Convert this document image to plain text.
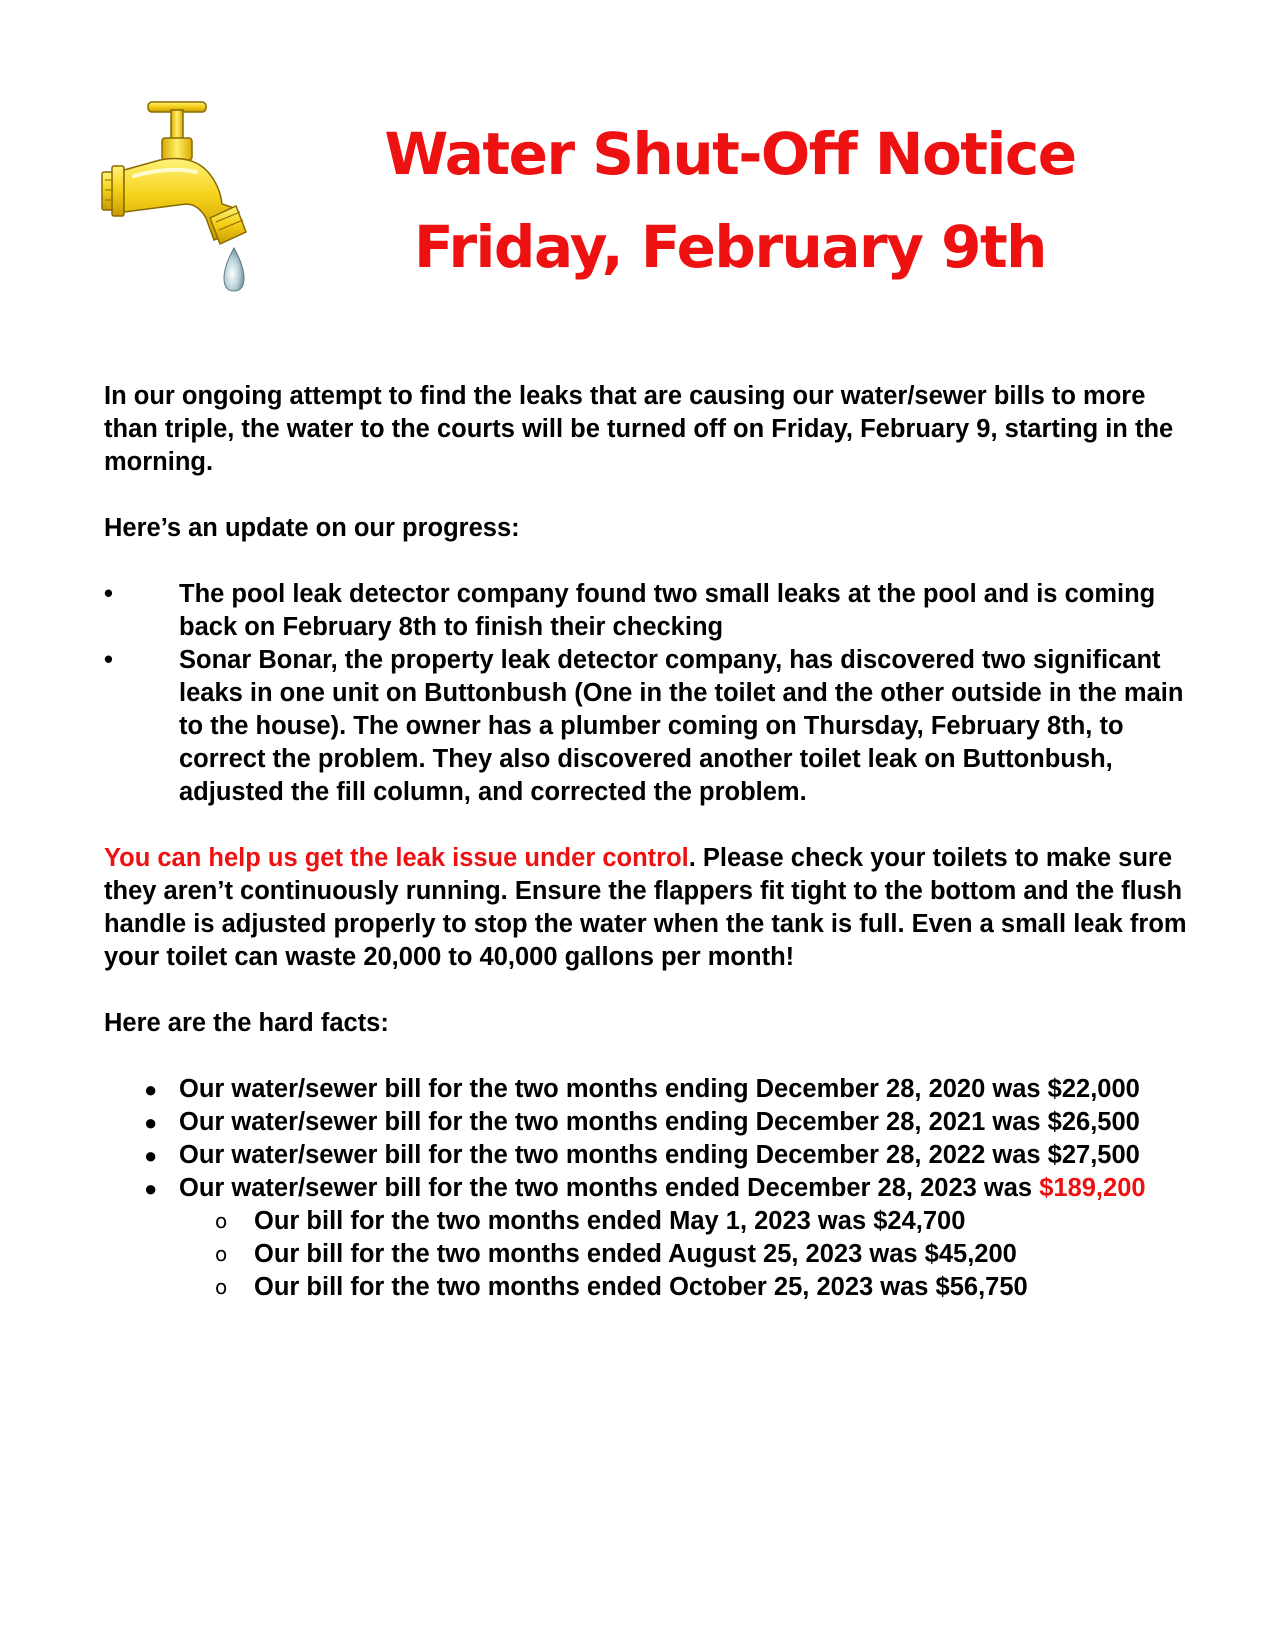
Water Shut-Off Notice
Friday, February 9th

In our ongoing attempt to find the leaks that are causing our water/sewer bills to more than triple, the water to the courts will be turned off on Friday, February 9, starting in the morning.

Here’s an update on our progress:

•	The pool leak detector company found two small leaks at the pool and is coming back on February 8th to finish their checking
•	Sonar Bonar, the property leak detector company, has discovered two significant leaks in one unit on Buttonbush (One in the toilet and the other outside in the main to the house). The owner has a plumber coming on Thursday, February 8th, to correct the problem. They also discovered another toilet leak on Buttonbush, adjusted the fill column, and corrected the problem.

You can help us get the leak issue under control. Please check your toilets to make sure they aren’t continuously running. Ensure the flappers fit tight to the bottom and the flush handle is adjusted properly to stop the water when the tank is full. Even a small leak from your toilet can waste 20,000 to 40,000 gallons per month!

Here are the hard facts:

● Our water/sewer bill for the two months ending December 28, 2020 was $22,000
● Our water/sewer bill for the two months ending December 28, 2021 was $26,500
● Our water/sewer bill for the two months ending December 28, 2022 was $27,500
● Our water/sewer bill for the two months ended December 28, 2023 was $189,200
o Our bill for the two months ended May 1, 2023 was $24,700
o Our bill for the two months ended August 25, 2023 was $45,200
o Our bill for the two months ended October 25, 2023 was $56,750
